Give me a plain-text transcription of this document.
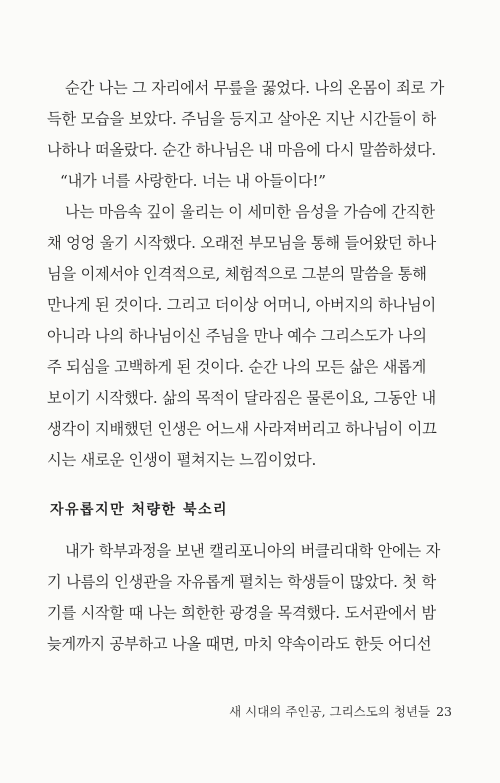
순간 나는 그 자리에서 무릎을 꿇었다. 나의 온몸이 죄로 가
득한 모습을 보았다. 주님을 등지고 살아온 지난 시간들이 하
나하나 떠올랐다. 순간 하나님은 내 마음에 다시 말씀하셨다.
“내가 너를 사랑한다. 너는 내 아들이다!”
나는 마음속 깊이 울리는 이 세미한 음성을 가슴에 간직한
채 엉엉 울기 시작했다. 오래전 부모님을 통해 들어왔던 하나
님을 이제서야 인격적으로, 체험적으로 그분의 말씀을 통해
만나게 된 것이다. 그리고 더이상 어머니, 아버지의 하나님이
아니라 나의 하나님이신 주님을 만나 예수 그리스도가 나의
주 되심을 고백하게 된 것이다. 순간 나의 모든 삶은 새롭게
보이기 시작했다. 삶의 목적이 달라짐은 물론이요, 그동안 내
생각이 지배했던 인생은 어느새 사라져버리고 하나님이 이끄
시는 새로운 인생이 펼쳐지는 느낌이었다.
자유롭지만 처량한 북소리
내가 학부과정을 보낸 캘리포니아의 버클리대학 안에는 자
기 나름의 인생관을 자유롭게 펼치는 학생들이 많았다. 첫 학
기를 시작할 때 나는 희한한 광경을 목격했다. 도서관에서 밤
늦게까지 공부하고 나올 때면, 마치 약속이라도 한듯 어디선
새 시대의 주인공, 그리스도의 청년들 23
